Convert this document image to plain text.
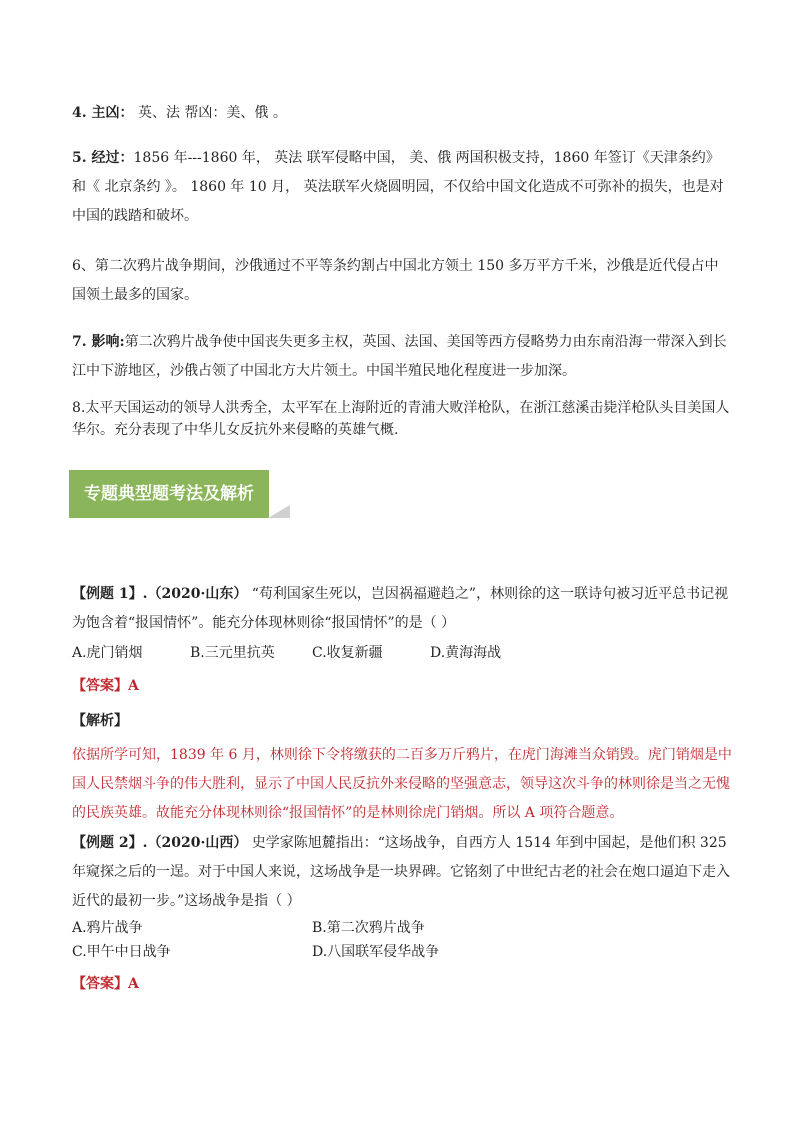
4. 主凶： 英、法 帮凶：美、俄 。

5. 经过：1856 年---1860 年， 英法 联军侵略中国， 美、俄 两国积极支持，1860 年签订《天津条约》和《 北京条约 》。 1860 年 10 月， 英法联军火烧圆明园，不仅给中国文化造成不可弥补的损失，也是对中国的践踏和破坏。

6、第二次鸦片战争期间，沙俄通过不平等条约割占中国北方领土 150 多万平方千米，沙俄是近代侵占中国领土最多的国家。

7. 影响:第二次鸦片战争使中国丧失更多主权，英国、法国、美国等西方侵略势力由东南沿海一带深入到长江中下游地区，沙俄占领了中国北方大片领土。中国半殖民地化程度进一步加深。

8.太平天国运动的领导人洪秀全，太平军在上海附近的青浦大败洋枪队，在浙江慈溪击毙洋枪队头目美国人华尔。充分表现了中华儿女反抗外来侵略的英雄气概.

专题典型题考法及解析

【例题 1】.（2020·山东） “苟利国家生死以，岂因祸福避趋之”，林则徐的这一联诗句被习近平总书记视为饱含着“报国情怀”。能充分体现林则徐“报国情怀”的是（ ）

A.虎门销烟	B.三元里抗英	C.收复新疆	D.黄海海战

【答案】A

【解析】

依据所学可知，1839 年 6 月，林则徐下令将缴获的二百多万斤鸦片，在虎门海滩当众销毁。虎门销烟是中国人民禁烟斗争的伟大胜利，显示了中国人民反抗外来侵略的坚强意志，领导这次斗争的林则徐是当之无愧的民族英雄。故能充分体现林则徐“报国情怀”的是林则徐虎门销烟。所以 A 项符合题意。

【例题 2】.（2020·山西） 史学家陈旭麓指出：“这场战争，自西方人 1514 年到中国起，是他们积 325 年窥探之后的一逞。对于中国人来说，这场战争是一块界碑。它铭刻了中世纪古老的社会在炮口逼迫下走入近代的最初一步。”这场战争是指（ ）

A.鸦片战争	B.第二次鸦片战争
C.甲午中日战争	D.八国联军侵华战争

【答案】A
